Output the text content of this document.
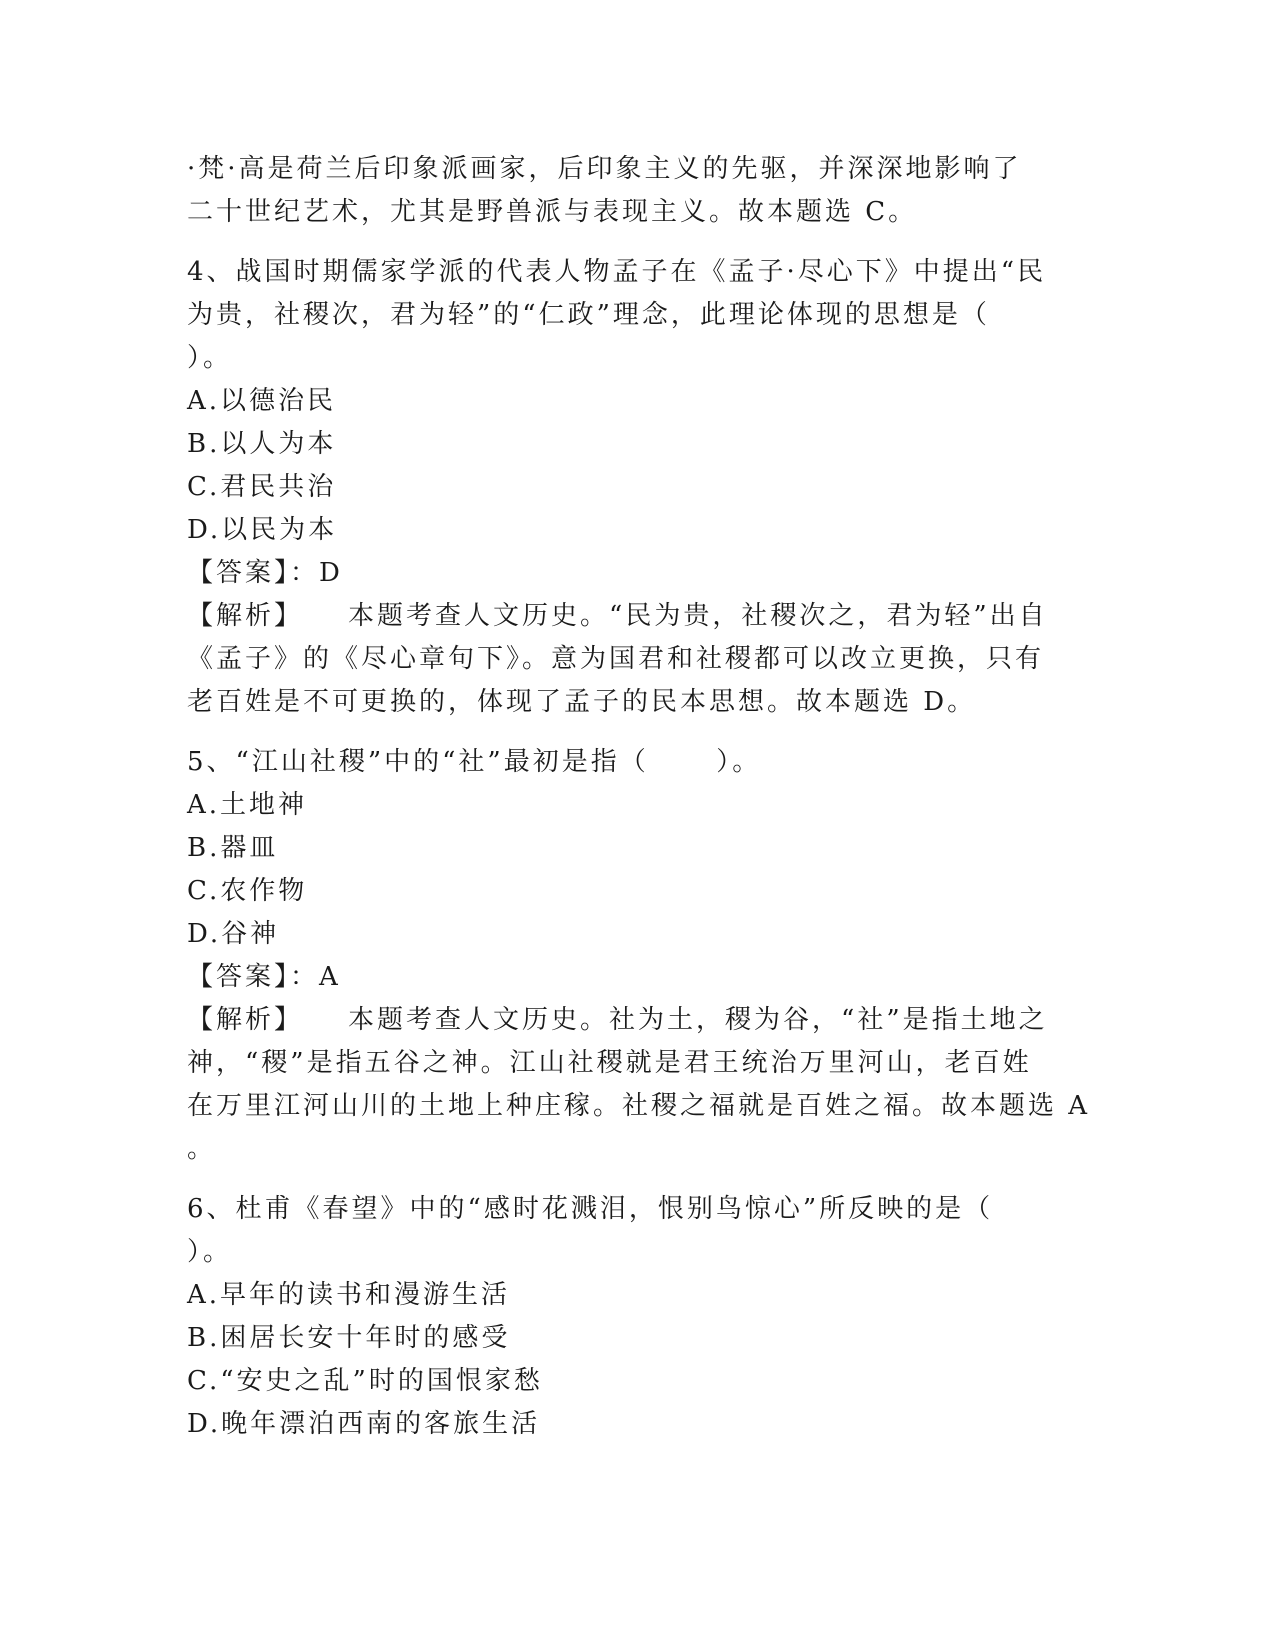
·梵·高是荷兰后印象派画家，后印象主义的先驱，并深深地影响了
二十世纪艺术，尤其是野兽派与表现主义。故本题选 C。
4、战国时期儒家学派的代表人物孟子在《孟子·尽心下》中提出“民
为贵，社稷次，君为轻”的“仁政”理念，此理论体现的思想是（
）。
A.以德治民
B.以人为本
C.君民共治
D.以民为本
【答案】：D
【解析】    本题考查人文历史。“民为贵，社稷次之，君为轻”出自
《孟子》的《尽心章句下》。意为国君和社稷都可以改立更换，只有
老百姓是不可更换的，体现了孟子的民本思想。故本题选 D。
5、“江山社稷”中的“社”最初是指（      ）。
A.土地神
B.器皿
C.农作物
D.谷神
【答案】：A
【解析】    本题考查人文历史。社为土，稷为谷，“社”是指土地之
神，“稷”是指五谷之神。江山社稷就是君王统治万里河山，老百姓
在万里江河山川的土地上种庄稼。社稷之福就是百姓之福。故本题选 A
。
6、杜甫《春望》中的“感时花溅泪，恨别鸟惊心”所反映的是（
）。
A.早年的读书和漫游生活
B.困居长安十年时的感受
C.“安史之乱”时的国恨家愁
D.晚年漂泊西南的客旅生活
